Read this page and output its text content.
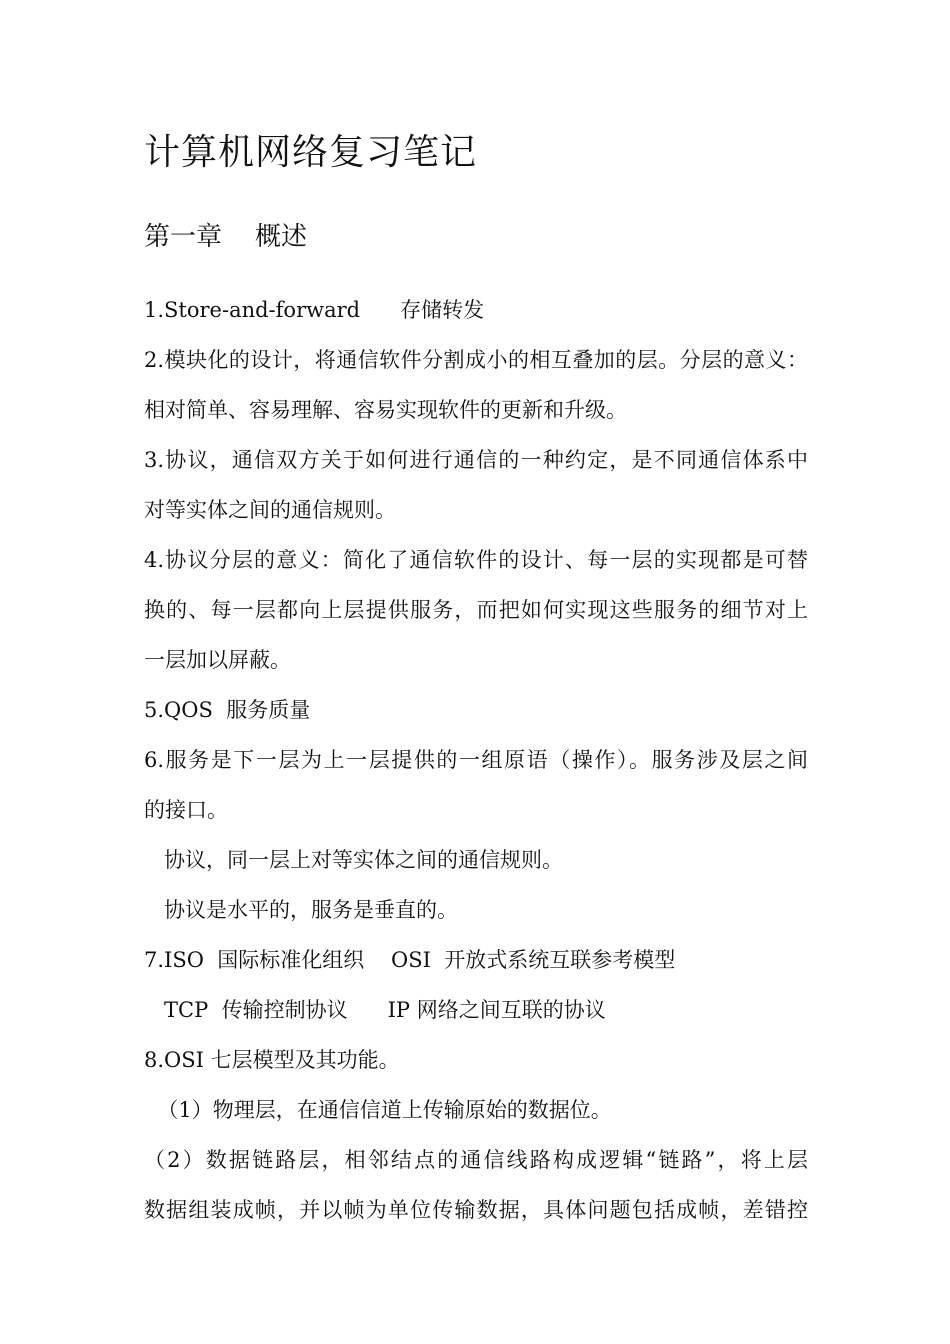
计算机网络复习笔记
第一章    概述
1.Store-and-forward      存储转发
2.模块化的设计，将通信软件分割成小的相互叠加的层。分层的意义：
相对简单、容易理解、容易实现软件的更新和升级。
3.协议，通信双方关于如何进行通信的一种约定，是不同通信体系中
对等实体之间的通信规则。
4.协议分层的意义：简化了通信软件的设计、每一层的实现都是可替
换的、每一层都向上层提供服务，而把如何实现这些服务的细节对上
一层加以屏蔽。
5.QOS  服务质量
6.服务是下一层为上一层提供的一组原语（操作）。服务涉及层之间
的接口。
协议，同一层上对等实体之间的通信规则。
协议是水平的，服务是垂直的。
7.ISO  国际标准化组织    OSI  开放式系统互联参考模型
TCP  传输控制协议      IP 网络之间互联的协议
8.OSI 七层模型及其功能。
（1）物理层，在通信信道上传输原始的数据位。
（2）数据链路层，相邻结点的通信线路构成逻辑“链路”，将上层
数据组装成帧，并以帧为单位传输数据，具体问题包括成帧，差错控
